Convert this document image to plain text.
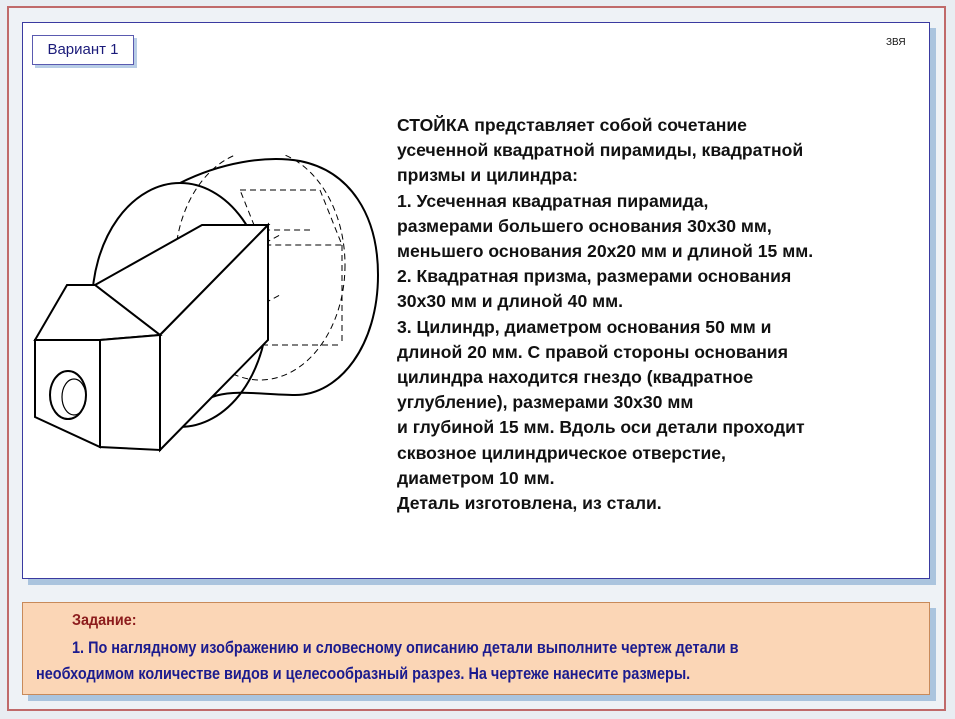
Вариант 1	ЗВЯ
СТОЙКА представляет собой сочетание
усеченной квадратной пирамиды, квадратной
призмы и цилиндра:
1. Усеченная квадратная пирамида,
размерами большего основания 30х30 мм,
меньшего основания 20х20 мм и длиной 15 мм.
2. Квадратная призма, размерами основания
30х30 мм и длиной 40 мм.
3. Цилиндр, диаметром основания 50 мм и
длиной 20 мм. С правой стороны основания
цилиндра находится гнездо (квадратное
углубление), размерами 30х30 мм
и глубиной 15 мм. Вдоль оси детали проходит
сквозное цилиндрическое отверстие,
диаметром 10 мм.
Деталь изготовлена, из стали.
Задание:
1. По наглядному изображению и словесному описанию детали выполните чертеж детали в
необходимом количестве видов и целесообразный разрез. На чертеже нанесите размеры.
